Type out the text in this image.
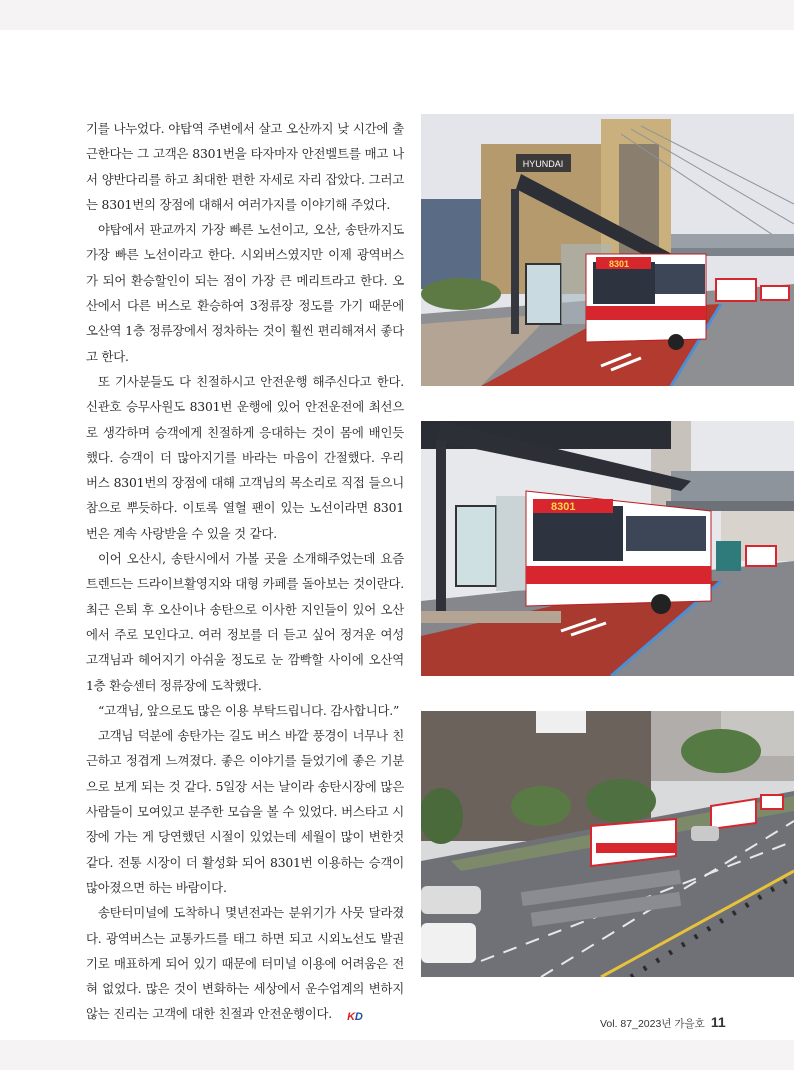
기를 나누었다. 야탑역 주변에서 살고 오산까지 낮 시간에 출근한다는 그 고객은 8301번을 타자마자 안전벨트를 매고 나서 양반다리를 하고 최대한 편한 자세로 자리 잡았다. 그러고는 8301번의 장점에 대해서 여러가지를 이야기해 주었다.

야탑에서 판교까지 가장 빠른 노선이고, 오산, 송탄까지도 가장 빠른 노선이라고 한다. 시외버스였지만 이제 광역버스가 되어 환승할인이 되는 점이 가장 큰 메리트라고 한다. 오산에서 다른 버스로 환승하여 3정류장 정도를 가기 때문에 오산역 1층 정류장에서 정차하는 것이 훨씬 편리해져서 좋다고 한다.

또 기사분들도 다 친절하시고 안전운행 해주신다고 한다. 신관호 승무사원도 8301번 운행에 있어 안전운전에 최선으로 생각하며 승객에게 친절하게 응대하는 것이 몸에 배인듯했다. 승객이 더 많아지기를 바라는 마음이 간절했다. 우리 버스 8301번의 장점에 대해 고객님의 목소리로 직접 들으니 참으로 뿌듯하다. 이토록 열혈 팬이 있는 노선이라면 8301번은 계속 사랑받을 수 있을 것 같다.

이어 오산시, 송탄시에서 가볼 곳을 소개해주었는데 요즘 트렌드는 드라이브활영지와 대형 카페를 돌아보는 것이란다. 최근 은퇴 후 오산이나 송탄으로 이사한 지인들이 있어 오산에서 주로 모인다고. 여러 정보를 더 듣고 싶어 정겨운 여성 고객님과 헤어지기 아쉬울 정도로 눈 깜빡할 사이에 오산역 1층 환승센터 정류장에 도착했다.

“고객님, 앞으로도 많은 이용 부탁드립니다. 감사합니다.”

고객님 덕분에 송탄가는 길도 버스 바깥 풍경이 너무나 친근하고 정겹게 느껴졌다. 좋은 이야기를 들었기에 좋은 기분으로 보게 되는 것 같다. 5일장 서는 날이라 송탄시장에 많은 사람들이 모여있고 분주한 모습을 볼 수 있었다. 버스타고 시장에 가는 게 당연했던 시절이 있었는데 세월이 많이 변한것 같다. 전통 시장이 더 활성화 되어 8301번 이용하는 승객이 많아졌으면 하는 바람이다.

송탄터미널에 도착하니 몇년전과는 분위기가 사뭇 달라졌다. 광역버스는 교통카드를 태그 하면 되고 시외노선도 발권기로 매표하게 되어 있기 때문에 터미널 이용에 어려움은 전혀 없었다. 많은 것이 변화하는 세상에서 운수업계의 변하지 않는 진리는 고객에 대한 친절과 안전운행이다. KD

HYUNDAI
8301
8301
Vol. 87_2023년 가을호 11
